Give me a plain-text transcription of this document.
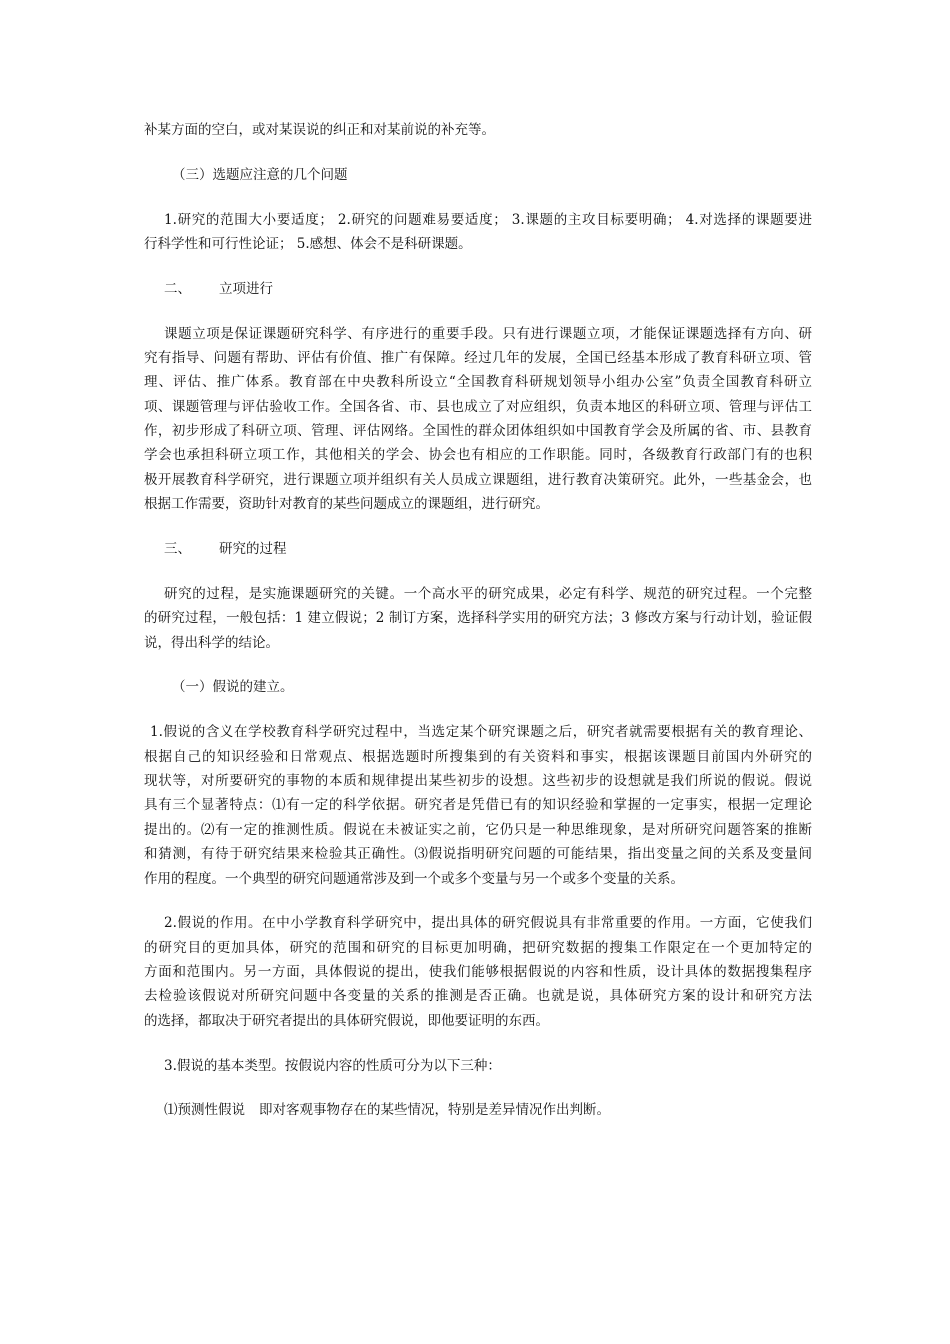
补某方面的空白，或对某误说的纠正和对某前说的补充等。
（三）选题应注意的几个问题
1.研究的范围大小要适度； 2.研究的问题难易要适度； 3.课题的主攻目标要明确； 4.对选择的课题要进
行科学性和可行性论证； 5.感想、体会不是科研课题。
二、 立项进行
课题立项是保证课题研究科学、有序进行的重要手段。只有进行课题立项，才能保证课题选择有方向、研
究有指导、问题有帮助、评估有价值、推广有保障。经过几年的发展，全国已经基本形成了教育科研立项、管
理、评估、推广体系。教育部在中央教科所设立“全国教育科研规划领导小组办公室”负责全国教育科研立
项、课题管理与评估验收工作。全国各省、市、县也成立了对应组织，负责本地区的科研立项、管理与评估工
作，初步形成了科研立项、管理、评估网络。全国性的群众团体组织如中国教育学会及所属的省、市、县教育
学会也承担科研立项工作，其他相关的学会、协会也有相应的工作职能。同时，各级教育行政部门有的也积
极开展教育科学研究，进行课题立项并组织有关人员成立课题组，进行教育决策研究。此外，一些基金会，也
根据工作需要，资助针对教育的某些问题成立的课题组，进行研究。
三、 研究的过程
研究的过程，是实施课题研究的关键。一个高水平的研究成果，必定有科学、规范的研究过程。一个完整
的研究过程，一般包括：1 建立假说；2 制订方案，选择科学实用的研究方法；3 修改方案与行动计划，验证假
说，得出科学的结论。
（一）假说的建立。
1.假说的含义在学校教育科学研究过程中，当选定某个研究课题之后，研究者就需要根据有关的教育理论、
根据自己的知识经验和日常观点、根据选题时所搜集到的有关资料和事实，根据该课题目前国内外研究的
现状等，对所要研究的事物的本质和规律提出某些初步的设想。这些初步的设想就是我们所说的假说。假说
具有三个显著特点：⑴有一定的科学依据。研究者是凭借已有的知识经验和掌握的一定事实，根据一定理论
提出的。⑵有一定的推测性质。假说在未被证实之前，它仍只是一种思维现象，是对所研究问题答案的推断
和猜测，有待于研究结果来检验其正确性。⑶假说指明研究问题的可能结果，指出变量之间的关系及变量间
作用的程度。一个典型的研究问题通常涉及到一个或多个变量与另一个或多个变量的关系。
2.假说的作用。在中小学教育科学研究中，提出具体的研究假说具有非常重要的作用。一方面，它使我们
的研究目的更加具体，研究的范围和研究的目标更加明确，把研究数据的搜集工作限定在一个更加特定的
方面和范围内。另一方面，具体假说的提出，使我们能够根据假说的内容和性质，设计具体的数据搜集程序
去检验该假说对所研究问题中各变量的关系的推测是否正确。也就是说，具体研究方案的设计和研究方法
的选择，都取决于研究者提出的具体研究假说，即他要证明的东西。
3.假说的基本类型。按假说内容的性质可分为以下三种：
⑴预测性假说 即对客观事物存在的某些情况，特别是差异情况作出判断。
